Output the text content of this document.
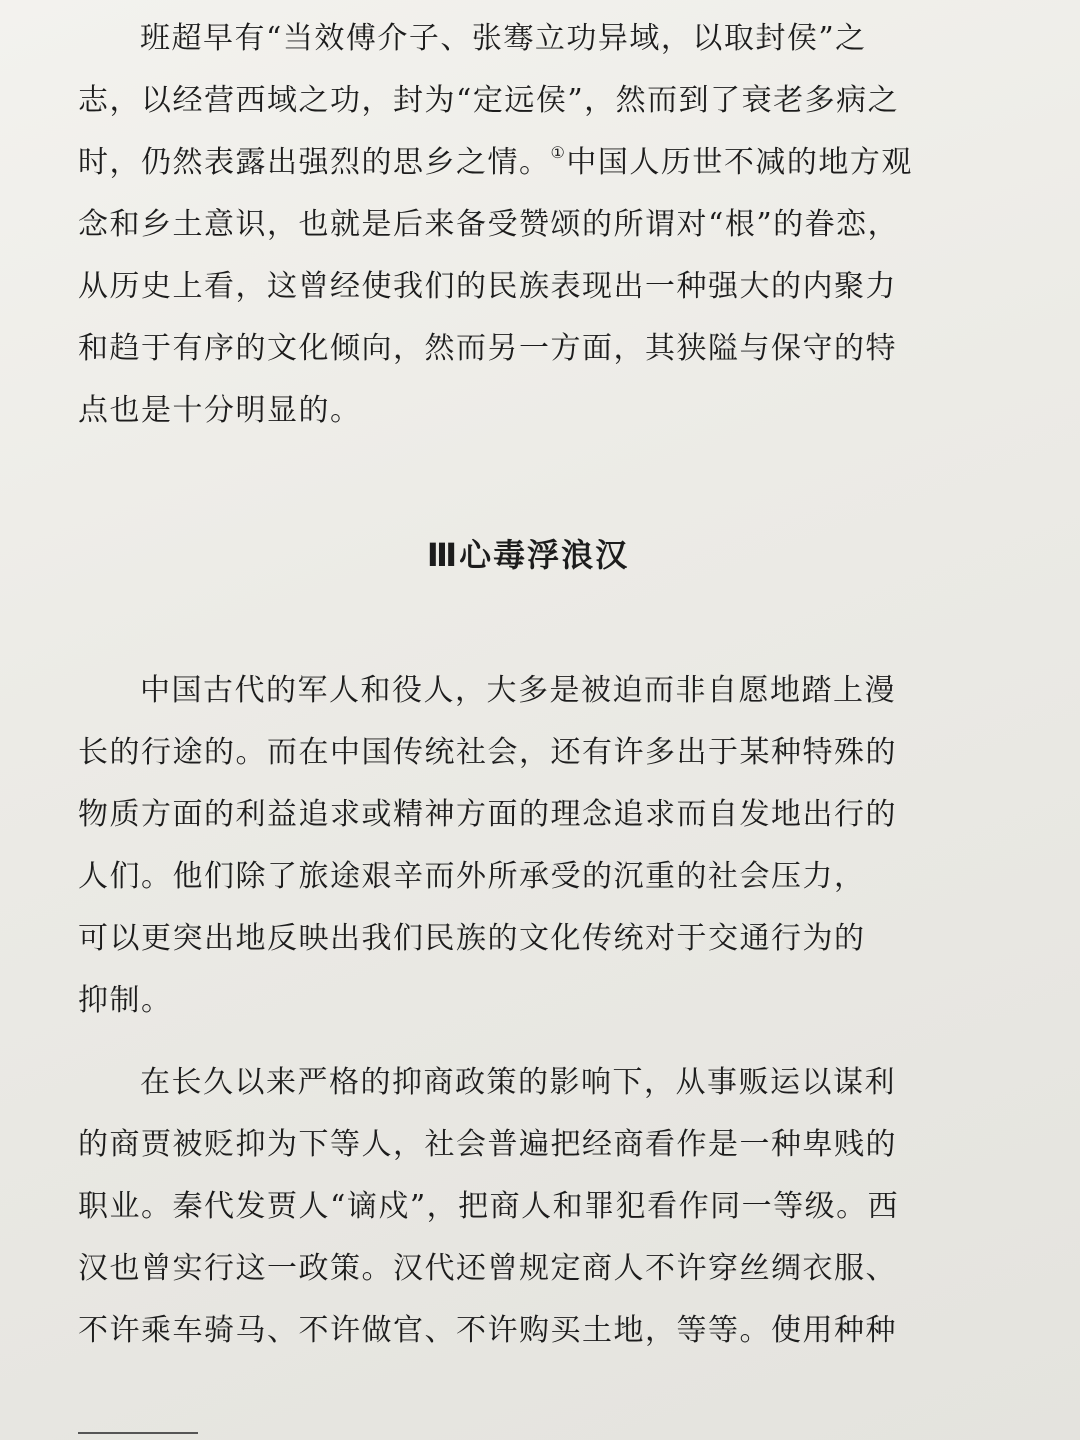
班超早有“当效傅介子、张骞立功异域，以取封侯”之
志，以经营西域之功，封为“定远侯”，然而到了衰老多病之
时，仍然表露出强烈的思乡之情。①中国人历世不减的地方观
念和乡土意识，也就是后来备受赞颂的所谓对“根”的眷恋，
从历史上看，这曾经使我们的民族表现出一种强大的内聚力
和趋于有序的文化倾向，然而另一方面，其狭隘与保守的特
点也是十分明显的。
Ⅲ心毒浮浪汉
中国古代的军人和役人，大多是被迫而非自愿地踏上漫
长的行途的。而在中国传统社会，还有许多出于某种特殊的
物质方面的利益追求或精神方面的理念追求而自发地出行的
人们。他们除了旅途艰辛而外所承受的沉重的社会压力，
可以更突出地反映出我们民族的文化传统对于交通行为的
抑制。
在长久以来严格的抑商政策的影响下，从事贩运以谋利
的商贾被贬抑为下等人，社会普遍把经商看作是一种卑贱的
职业。秦代发贾人“谪戍”，把商人和罪犯看作同一等级。西
汉也曾实行这一政策。汉代还曾规定商人不许穿丝绸衣服、
不许乘车骑马、不许做官、不许购买土地，等等。使用种种
